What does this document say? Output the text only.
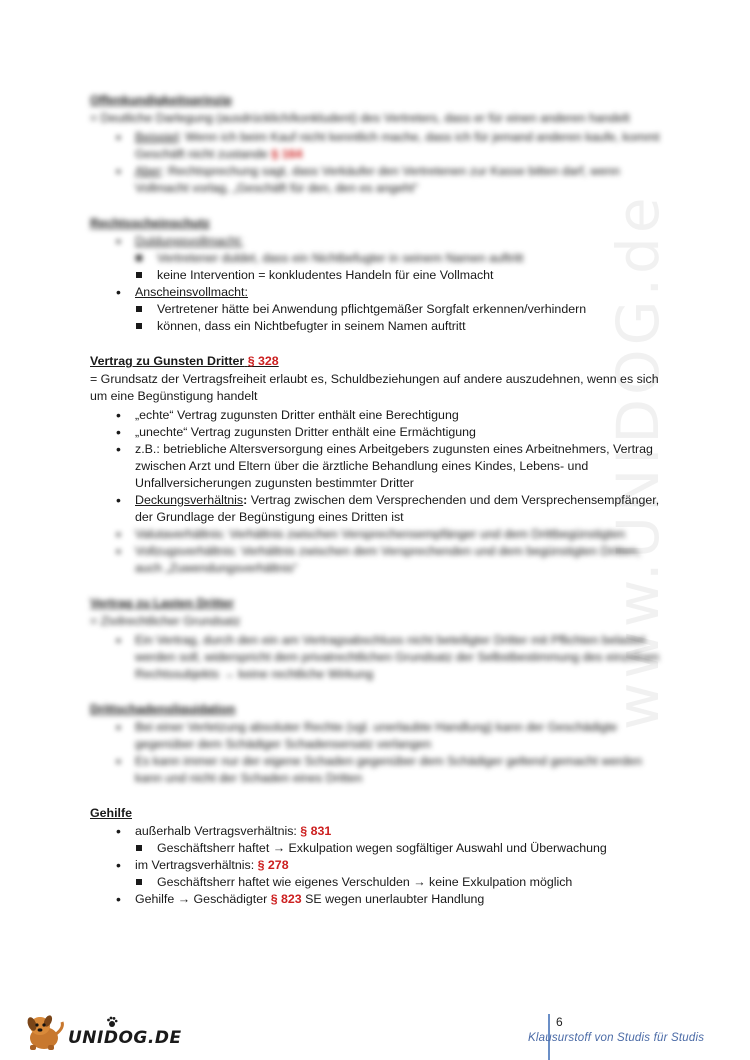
www.UNIDOG.de
Offenkundigkeitsprinzip
= Deutliche Darlegung (ausdrücklich/konkludent) des Vertreters, dass er für einen anderen handelt
• Beispiel: Wenn ich beim Kauf nicht kenntlich mache, dass ich für jemand anderen kaufe, kommt Geschäft nicht zustande § 164
• Aber: Rechtsprechung sagt, dass Verkäufer den Vertretenen zur Kasse bitten darf, wenn Vollmacht vorlag, „Geschäft für den, den es angeht“
Rechtsscheinschutz
• Duldungsvollmacht:
Vertretener duldet, dass ein Nichtbefugter in seinem Namen auftritt
keine Intervention = konkludentes Handeln für eine Vollmacht
• Anscheinsvollmacht:
Vertretener hätte bei Anwendung pflichtgemäßer Sorgfalt erkennen/verhindern
können, dass ein Nichtbefugter in seinem Namen auftritt
Vertrag zu Gunsten Dritter § 328
= Grundsatz der Vertragsfreiheit erlaubt es, Schuldbeziehungen auf andere auszudehnen, wenn es sich um eine Begünstigung handelt
• „echte“ Vertrag zugunsten Dritter enthält eine Berechtigung
• „unechte“ Vertrag zugunsten Dritter enthält eine Ermächtigung
• z.B.: betriebliche Altersversorgung eines Arbeitgebers zugunsten eines Arbeitnehmers, Vertrag zwischen Arzt und Eltern über die ärztliche Behandlung eines Kindes, Lebens- und Unfallversicherungen zugunsten bestimmter Dritter
• Deckungsverhältnis: Vertrag zwischen dem Versprechenden und dem Versprechensempfänger, der Grundlage der Begünstigung eines Dritten ist
• Valutaverhältnis: Verhältnis zwischen Versprechensempfänger und dem Drittbegünstigten
• Vollzugsverhältnis: Verhältnis zwischen dem Versprechenden und dem begünstigten Dritten, auch „Zuwendungsverhältnis“
Vertrag zu Lasten Dritter
= Zivilrechtlicher Grundsatz
• Ein Vertrag, durch den ein am Vertragsabschluss nicht beteiligter Dritter mit Pflichten belastet werden soll, widerspricht dem privatrechtlichen Grundsatz der Selbstbestimmung des einzelnen Rechtssubjekts → keine rechtliche Wirkung
Drittschadensliquidation
• Bei einer Verletzung absoluter Rechte (vgl. unerlaubte Handlung) kann der Geschädigte gegenüber dem Schädiger Schadensersatz verlangen
• Es kann immer nur der eigene Schaden gegenüber dem Schädiger geltend gemacht werden kann und nicht der Schaden eines Dritten
Gehilfe
• außerhalb Vertragsverhältnis: § 831
Geschäftsherr haftet → Exkulpation wegen sogfältiger Auswahl und Überwachung
• im Vertragsverhältnis: § 278
Geschäftsherr haftet wie eigenes Verschulden → keine Exkulpation möglich
• Gehilfe → Geschädigter § 823 SE wegen unerlaubter Handlung
UNIDOG.DE
6
Klausurstoff von Studis für Studis
